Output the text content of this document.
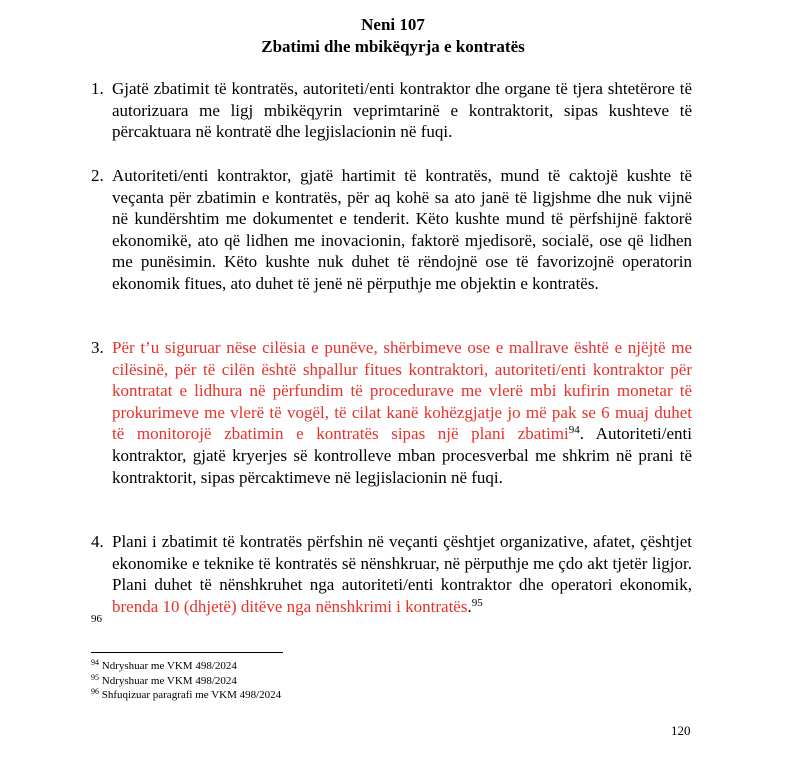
Neni 107
Zbatimi dhe mbikëqyrja e kontratës
1. Gjatë zbatimit të kontratës, autoriteti/enti kontraktor dhe organe të tjera shtetërore të autorizuara me ligj mbikëqyrin veprimtarinë e kontraktorit, sipas kushteve të përcaktuara në kontratë dhe legjislacionin në fuqi.
2. Autoriteti/enti kontraktor, gjatë hartimit të kontratës, mund të caktojë kushte të veçanta për zbatimin e kontratës, për aq kohë sa ato janë të ligjshme dhe nuk vijnë në kundërshtim me dokumentet e tenderit. Këto kushte mund të përfshijnë faktorë ekonomikë, ato që lidhen me inovacionin, faktorë mjedisorë, socialë, ose që lidhen me punësimin. Këto kushte nuk duhet të rëndojnë ose të favorizojnë operatorin ekonomik fitues, ato duhet të jenë në përputhje me objektin e kontratës.
3. Për t’u siguruar nëse cilësia e punëve, shërbimeve ose e mallrave është e njëjtë me cilësinë, për të cilën është shpallur fitues kontraktori, autoriteti/enti kontraktor për kontratat e lidhura në përfundim të procedurave me vlerë mbi kufirin monetar të prokurimeve me vlerë të vogël, të cilat kanë kohëzgjatje jo më pak se 6 muaj duhet të monitorojë zbatimin e kontratës sipas një plani zbatimi$^{94}$. Autoriteti/enti kontraktor, gjatë kryerjes së kontrolleve mban procesverbal me shkrim në prani të kontraktorit, sipas përcaktimeve në legjislacionin në fuqi.
4. Plani i zbatimit të kontratës përfshin në veçanti çështjet organizative, afatet, çështjet ekonomike e teknike të kontratës së nënshkruar, në përputhje me çdo akt tjetër ligjor. Plani duhet të nënshkruhet nga autoriteti/enti kontraktor dhe operatori ekonomik, brenda 10 (dhjetë) ditëve nga nënshkrimi i kontratës.$^{95}$
96
$^{94}$ Ndryshuar me VKM 498/2024
$^{95}$ Ndryshuar me VKM 498/2024
$^{96}$ Shfuqizuar paragrafi me VKM 498/2024
120
